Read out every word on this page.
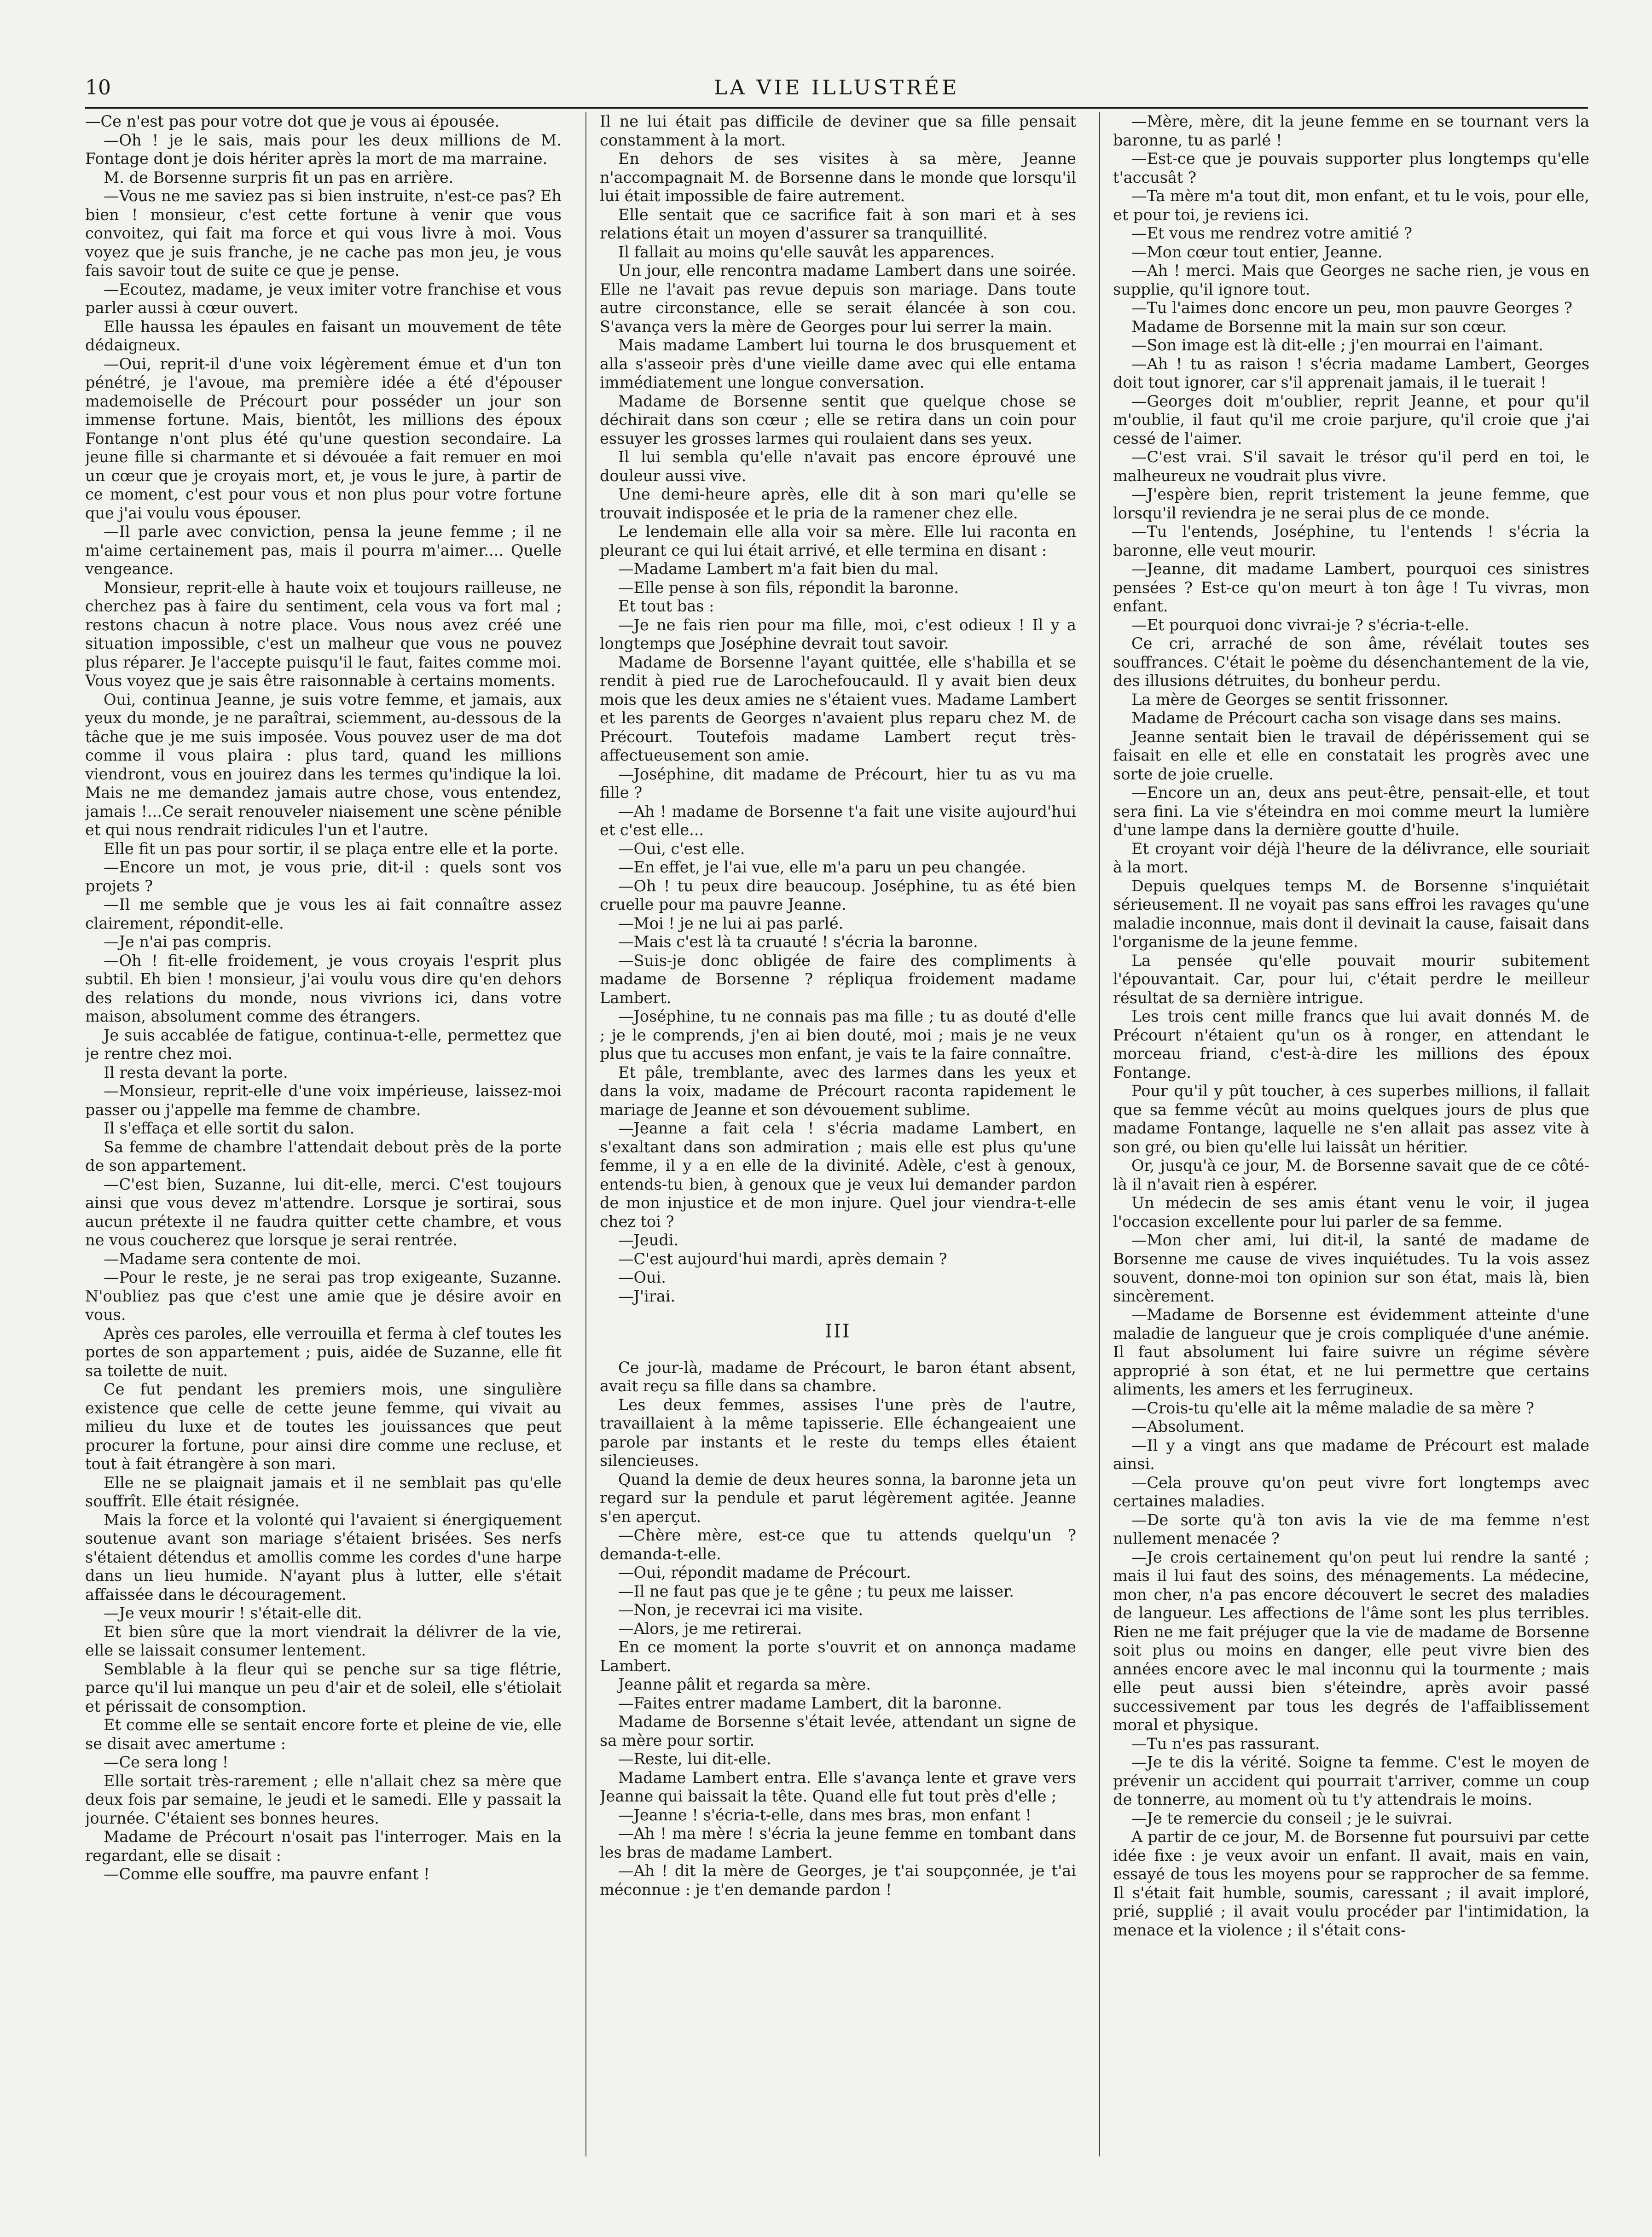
10	LA VIE ILLUSTRÉE

—Ce n'est pas pour votre dot que je vous ai épousée.

—Oh ! je le sais, mais pour les deux millions de M. Fontage dont je dois hériter après la mort de ma marraine.

M. de Borsenne surpris fit un pas en arrière.

—Vous ne me saviez pas si bien instruite, n'est-ce pas? Eh bien ! monsieur, c'est cette fortune à venir que vous convoitez, qui fait ma force et qui vous livre à moi. Vous voyez que je suis franche, je ne cache pas mon jeu, je vous fais savoir tout de suite ce que je pense.

—Ecoutez, madame, je veux imiter votre franchise et vous parler aussi à cœur ouvert.

Elle haussa les épaules en faisant un mouvement de tête dédaigneux.

—Oui, reprit-il d'une voix légèrement émue et d'un ton pénétré, je l'avoue, ma première idée a été d'épouser mademoiselle de Précourt pour posséder un jour son immense fortune. Mais, bientôt, les millions des époux Fontange n'ont plus été qu'une question secondaire. La jeune fille si charmante et si dévouée a fait remuer en moi un cœur que je croyais mort, et, je vous le jure, à partir de ce moment, c'est pour vous et non plus pour votre fortune que j'ai voulu vous épouser.

—Il parle avec conviction, pensa la jeune femme ; il ne m'aime certainement pas, mais il pourra m'aimer.... Quelle vengeance.

Monsieur, reprit-elle à haute voix et toujours railleuse, ne cherchez pas à faire du sentiment, cela vous va fort mal ; restons chacun à notre place. Vous nous avez créé une situation impossible, c'est un malheur que vous ne pouvez plus réparer. Je l'accepte puisqu'il le faut, faites comme moi. Vous voyez que je sais être raisonnable à certains moments.

Oui, continua Jeanne, je suis votre femme, et jamais, aux yeux du monde, je ne paraîtrai, sciemment, au-dessous de la tâche que je me suis imposée. Vous pouvez user de ma dot comme il vous plaira : plus tard, quand les millions viendront, vous en jouirez dans les termes qu'indique la loi. Mais ne me demandez jamais autre chose, vous entendez, jamais !...Ce serait renouveler niaisement une scène pénible et qui nous rendrait ridicules l'un et l'autre.

Elle fit un pas pour sortir, il se plaça entre elle et la porte.

—Encore un mot, je vous prie, dit-il : quels sont vos projets ?

—Il me semble que je vous les ai fait connaître assez clairement, répondit-elle.

—Je n'ai pas compris.

—Oh ! fit-elle froidement, je vous croyais l'esprit plus subtil. Eh bien ! monsieur, j'ai voulu vous dire qu'en dehors des relations du monde, nous vivrions ici, dans votre maison, absolument comme des étrangers.

Je suis accablée de fatigue, continua-t-elle, permettez que je rentre chez moi.

Il resta devant la porte.

—Monsieur, reprit-elle d'une voix impérieuse, laissez-moi passer ou j'appelle ma femme de chambre.

Il s'effaça et elle sortit du salon.

Sa femme de chambre l'attendait debout près de la porte de son appartement.

—C'est bien, Suzanne, lui dit-elle, merci. C'est toujours ainsi que vous devez m'attendre. Lorsque je sortirai, sous aucun prétexte il ne faudra quitter cette chambre, et vous ne vous coucherez que lorsque je serai rentrée.

—Madame sera contente de moi.

—Pour le reste, je ne serai pas trop exigeante, Suzanne. N'oubliez pas que c'est une amie que je désire avoir en vous.

Après ces paroles, elle verrouilla et ferma à clef toutes les portes de son appartement ; puis, aidée de Suzanne, elle fit sa toilette de nuit.

Ce fut pendant les premiers mois, une singulière existence que celle de cette jeune femme, qui vivait au milieu du luxe et de toutes les jouissances que peut procurer la fortune, pour ainsi dire comme une recluse, et tout à fait étrangère à son mari.

Elle ne se plaignait jamais et il ne semblait pas qu'elle souffrît. Elle était résignée.

Mais la force et la volonté qui l'avaient si énergiquement soutenue avant son mariage s'étaient brisées. Ses nerfs s'étaient détendus et amollis comme les cordes d'une harpe dans un lieu humide. N'ayant plus à lutter, elle s'était affaissée dans le découragement.

—Je veux mourir ! s'était-elle dit.

Et bien sûre que la mort viendrait la délivrer de la vie, elle se laissait consumer lentement.

Semblable à la fleur qui se penche sur sa tige flétrie, parce qu'il lui manque un peu d'air et de soleil, elle s'étiolait et périssait de consomption.

Et comme elle se sentait encore forte et pleine de vie, elle se disait avec amertume :

—Ce sera long !

Elle sortait très-rarement ; elle n'allait chez sa mère que deux fois par semaine, le jeudi et le samedi. Elle y passait la journée. C'étaient ses bonnes heures.

Madame de Précourt n'osait pas l'interroger. Mais en la regardant, elle se disait :

—Comme elle souffre, ma pauvre enfant !

Il ne lui était pas difficile de deviner que sa fille pensait constamment à la mort.

En dehors de ses visites à sa mère, Jeanne n'accompagnait M. de Borsenne dans le monde que lorsqu'il lui était impossible de faire autrement.

Elle sentait que ce sacrifice fait à son mari et à ses relations était un moyen d'assurer sa tranquillité.

Il fallait au moins qu'elle sauvât les apparences.

Un jour, elle rencontra madame Lambert dans une soirée. Elle ne l'avait pas revue depuis son mariage. Dans toute autre circonstance, elle se serait élancée à son cou. S'avança vers la mère de Georges pour lui serrer la main.

Mais madame Lambert lui tourna le dos brusquement et alla s'asseoir près d'une vieille dame avec qui elle entama immédiatement une longue conversation.

Madame de Borsenne sentit que quelque chose se déchirait dans son cœur ; elle se retira dans un coin pour essuyer les grosses larmes qui roulaient dans ses yeux.

Il lui sembla qu'elle n'avait pas encore éprouvé une douleur aussi vive.

Une demi-heure après, elle dit à son mari qu'elle se trouvait indisposée et le pria de la ramener chez elle.

Le lendemain elle alla voir sa mère. Elle lui raconta en pleurant ce qui lui était arrivé, et elle termina en disant :

—Madame Lambert m'a fait bien du mal.

—Elle pense à son fils, répondit la baronne.

Et tout bas :

—Je ne fais rien pour ma fille, moi, c'est odieux ! Il y a longtemps que Joséphine devrait tout savoir.

Madame de Borsenne l'ayant quittée, elle s'habilla et se rendit à pied rue de Larochefoucauld. Il y avait bien deux mois que les deux amies ne s'étaient vues. Madame Lambert et les parents de Georges n'avaient plus reparu chez M. de Précourt. Toutefois madame Lambert reçut très-affectueusement son amie.

—Joséphine, dit madame de Précourt, hier tu as vu ma fille ?

—Ah ! madame de Borsenne t'a fait une visite aujourd'hui et c'est elle...

—Oui, c'est elle.

—En effet, je l'ai vue, elle m'a paru un peu changée.

—Oh ! tu peux dire beaucoup. Joséphine, tu as été bien cruelle pour ma pauvre Jeanne.

—Moi ! je ne lui ai pas parlé.

—Mais c'est là ta cruauté ! s'écria la baronne.

—Suis-je donc obligée de faire des compliments à madame de Borsenne ? répliqua froidement madame Lambert.

—Joséphine, tu ne connais pas ma fille ; tu as douté d'elle ; je le comprends, j'en ai bien douté, moi ; mais je ne veux plus que tu accuses mon enfant, je vais te la faire connaître.

Et pâle, tremblante, avec des larmes dans les yeux et dans la voix, madame de Précourt raconta rapidement le mariage de Jeanne et son dévouement sublime.

—Jeanne a fait cela ! s'écria madame Lambert, en s'exaltant dans son admiration ; mais elle est plus qu'une femme, il y a en elle de la divinité. Adèle, c'est à genoux, entends-tu bien, à genoux que je veux lui demander pardon de mon injustice et de mon injure. Quel jour viendra-t-elle chez toi ?

—Jeudi.

—C'est aujourd'hui mardi, après demain ?

—Oui.

—J'irai.

III

Ce jour-là, madame de Précourt, le baron étant absent, avait reçu sa fille dans sa chambre.

Les deux femmes, assises l'une près de l'autre, travaillaient à la même tapisserie. Elle échangeaient une parole par instants et le reste du temps elles étaient silencieuses.

Quand la demie de deux heures sonna, la baronne jeta un regard sur la pendule et parut légèrement agitée. Jeanne s'en aperçut.

—Chère mère, est-ce que tu attends quelqu'un ? demanda-t-elle.

—Oui, répondit madame de Précourt.

—Il ne faut pas que je te gêne ; tu peux me laisser.

—Non, je recevrai ici ma visite.

—Alors, je me retirerai.

En ce moment la porte s'ouvrit et on annonça madame Lambert.

Jeanne pâlit et regarda sa mère.

—Faites entrer madame Lambert, dit la baronne.

Madame de Borsenne s'était levée, attendant un signe de sa mère pour sortir.

—Reste, lui dit-elle.

Madame Lambert entra. Elle s'avança lente et grave vers Jeanne qui baissait la tête. Quand elle fut tout près d'elle ;

—Jeanne ! s'écria-t-elle, dans mes bras, mon enfant !

—Ah ! ma mère ! s'écria la jeune femme en tombant dans les bras de madame Lambert.

—Ah ! dit la mère de Georges, je t'ai soupçonnée, je t'ai méconnue : je t'en demande pardon !

—Mère, mère, dit la jeune femme en se tournant vers la baronne, tu as parlé !

—Est-ce que je pouvais supporter plus longtemps qu'elle t'accusât ?

—Ta mère m'a tout dit, mon enfant, et tu le vois, pour elle, et pour toi, je reviens ici.

—Et vous me rendrez votre amitié ?

—Mon cœur tout entier, Jeanne.

—Ah ! merci. Mais que Georges ne sache rien, je vous en supplie, qu'il ignore tout.

—Tu l'aimes donc encore un peu, mon pauvre Georges ?

Madame de Borsenne mit la main sur son cœur.

—Son image est là dit-elle ; j'en mourrai en l'aimant.

—Ah ! tu as raison ! s'écria madame Lambert, Georges doit tout ignorer, car s'il apprenait jamais, il le tuerait !

—Georges doit m'oublier, reprit Jeanne, et pour qu'il m'oublie, il faut qu'il me croie parjure, qu'il croie que j'ai cessé de l'aimer.

—C'est vrai. S'il savait le trésor qu'il perd en toi, le malheureux ne voudrait plus vivre.

—J'espère bien, reprit tristement la jeune femme, que lorsqu'il reviendra je ne serai plus de ce monde.

—Tu l'entends, Joséphine, tu l'entends ! s'écria la baronne, elle veut mourir.

—Jeanne, dit madame Lambert, pourquoi ces sinistres pensées ? Est-ce qu'on meurt à ton âge ! Tu vivras, mon enfant.

—Et pourquoi donc vivrai-je ? s'écria-t-elle.

Ce cri, arraché de son âme, révélait toutes ses souffrances. C'était le poème du désenchantement de la vie, des illusions détruites, du bonheur perdu.

La mère de Georges se sentit frissonner.

Madame de Précourt cacha son visage dans ses mains.

Jeanne sentait bien le travail de dépérissement qui se faisait en elle et elle en constatait les progrès avec une sorte de joie cruelle.

—Encore un an, deux ans peut-être, pensait-elle, et tout sera fini. La vie s'éteindra en moi comme meurt la lumière d'une lampe dans la dernière goutte d'huile.

Et croyant voir déjà l'heure de la délivrance, elle souriait à la mort.

Depuis quelques temps M. de Borsenne s'inquiétait sérieusement. Il ne voyait pas sans effroi les ravages qu'une maladie inconnue, mais dont il devinait la cause, faisait dans l'organisme de la jeune femme.

La pensée qu'elle pouvait mourir subitement l'épouvantait. Car, pour lui, c'était perdre le meilleur résultat de sa dernière intrigue.

Les trois cent mille francs que lui avait donnés M. de Précourt n'étaient qu'un os à ronger, en attendant le morceau friand, c'est-à-dire les millions des époux Fontange.

Pour qu'il y pût toucher, à ces superbes millions, il fallait que sa femme vécût au moins quelques jours de plus que madame Fontange, laquelle ne s'en allait pas assez vite à son gré, ou bien qu'elle lui laissât un héritier.

Or, jusqu'à ce jour, M. de Borsenne savait que de ce côté-là il n'avait rien à espérer.

Un médecin de ses amis étant venu le voir, il jugea l'occasion excellente pour lui parler de sa femme.

—Mon cher ami, lui dit-il, la santé de madame de Borsenne me cause de vives inquiétudes. Tu la vois assez souvent, donne-moi ton opinion sur son état, mais là, bien sincèrement.

—Madame de Borsenne est évidemment atteinte d'une maladie de langueur que je crois compliquée d'une anémie. Il faut absolument lui faire suivre un régime sévère approprié à son état, et ne lui permettre que certains aliments, les amers et les ferrugineux.

—Crois-tu qu'elle ait la même maladie de sa mère ?

—Absolument.

—Il y a vingt ans que madame de Précourt est malade ainsi.

—Cela prouve qu'on peut vivre fort longtemps avec certaines maladies.

—De sorte qu'à ton avis la vie de ma femme n'est nullement menacée ?

—Je crois certainement qu'on peut lui rendre la santé ; mais il lui faut des soins, des ménagements. La médecine, mon cher, n'a pas encore découvert le secret des maladies de langueur. Les affections de l'âme sont les plus terribles. Rien ne me fait préjuger que la vie de madame de Borsenne soit plus ou moins en danger, elle peut vivre bien des années encore avec le mal inconnu qui la tourmente ; mais elle peut aussi bien s'éteindre, après avoir passé successivement par tous les degrés de l'affaiblissement moral et physique.

—Tu n'es pas rassurant.

—Je te dis la vérité. Soigne ta femme. C'est le moyen de prévenir un accident qui pourrait t'arriver, comme un coup de tonnerre, au moment où tu t'y attendrais le moins.

—Je te remercie du conseil ; je le suivrai.

A partir de ce jour, M. de Borsenne fut poursuivi par cette idée fixe : je veux avoir un enfant. Il avait, mais en vain, essayé de tous les moyens pour se rapprocher de sa femme. Il s'était fait humble, soumis, caressant ; il avait imploré, prié, supplié ; il avait voulu procéder par l'intimidation, la menace et la violence ; il s'était cons-
